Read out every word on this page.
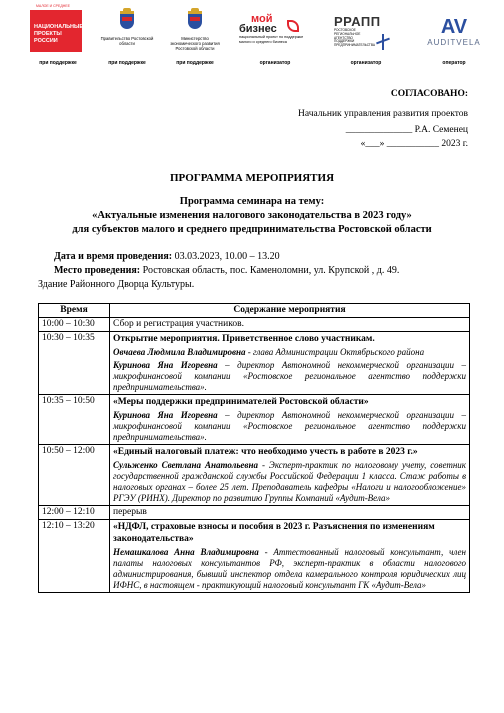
МАЛОЕ И СРЕДНЕЕ
НАЦИОНАЛЬНЫЕ
ПРОЕКТЫ
РОССИИ
при поддержке
Правительство Ростовской области
при поддержке
Министерство экономического развития Ростовской области
при поддержке
мой
бизнес
национальный проект по поддержке малого и среднего бизнеса
организатор
РРАПП
РОСТОВСКОЕ РЕГИОНАЛЬНОЕ АГЕНТСТВО ПОДДЕРЖКИ ПРЕДПРИНИМАТЕЛЬСТВА
организатор
AV
AUDITVELA
оператор
СОГЛАСОВАНО:
Начальник управления развития проектов
______________ Р.А. Семенец
«___» ___________ 2023 г.
ПРОГРАММА МЕРОПРИЯТИЯ
Программа семинара на тему:
«Актуальные изменения налогового законодательства в 2023 году»
для субъектов малого и среднего предпринимательства Ростовской области
Дата и время проведения: 03.03.2023, 10.00 – 13.20
Место проведения: Ростовская область, пос. Каменоломни, ул. Крупской , д. 49.
Здание Районного Дворца Культуры.
Время	Содержание мероприятия
10:00 – 10:30	Сбор и регистрация участников.
10:30 – 10:35	Открытие мероприятия. Приветственное слово участникам.
Овчаева Людмила Владимировна - глава Администрации Октябрьского района
Куринова Яна Игоревна – директор Автономной некоммерческой организации – микрофинансовой компании «Ростовское региональное агентство поддержки предпринимательства».

10:35 – 10:50	«Меры поддержки предпринимателей Ростовской области»
Куринова Яна Игоревна – директор Автономной некоммерческой организации – микрофинансовой компании «Ростовское региональное агентство поддержки предпринимательства».

10:50 – 12:00	«Единый налоговый платеж: что необходимо учесть в работе в 2023 г.»
Сульженко Светлана Анатольевна - Эксперт-практик по налоговому учету, советник государственной гражданской службы Российской Федерации 1 класса. Стаж работы в налоговых органах – более 25 лет. Преподаватель кафедры «Налоги и налогообложение» РГЭУ (РИНХ). Директор по развитию Группы Компаний «Аудит-Вела»

12:00 – 12:10	перерыв
12:10 – 13:20	«НДФЛ, страховые взносы и пособия в 2023 г. Разъяснения по изменениям законодательства»
Немашкалова Анна Владимировна - Аттестованный налоговый консультант, член палаты налоговых консультантов РФ, эксперт-практик в области налогового администрирования, бывший инспектор отдела камерального контроля юридических лиц ИФНС, в настоящем - практикующий налоговый консультант ГК «Аудит-Вела»
